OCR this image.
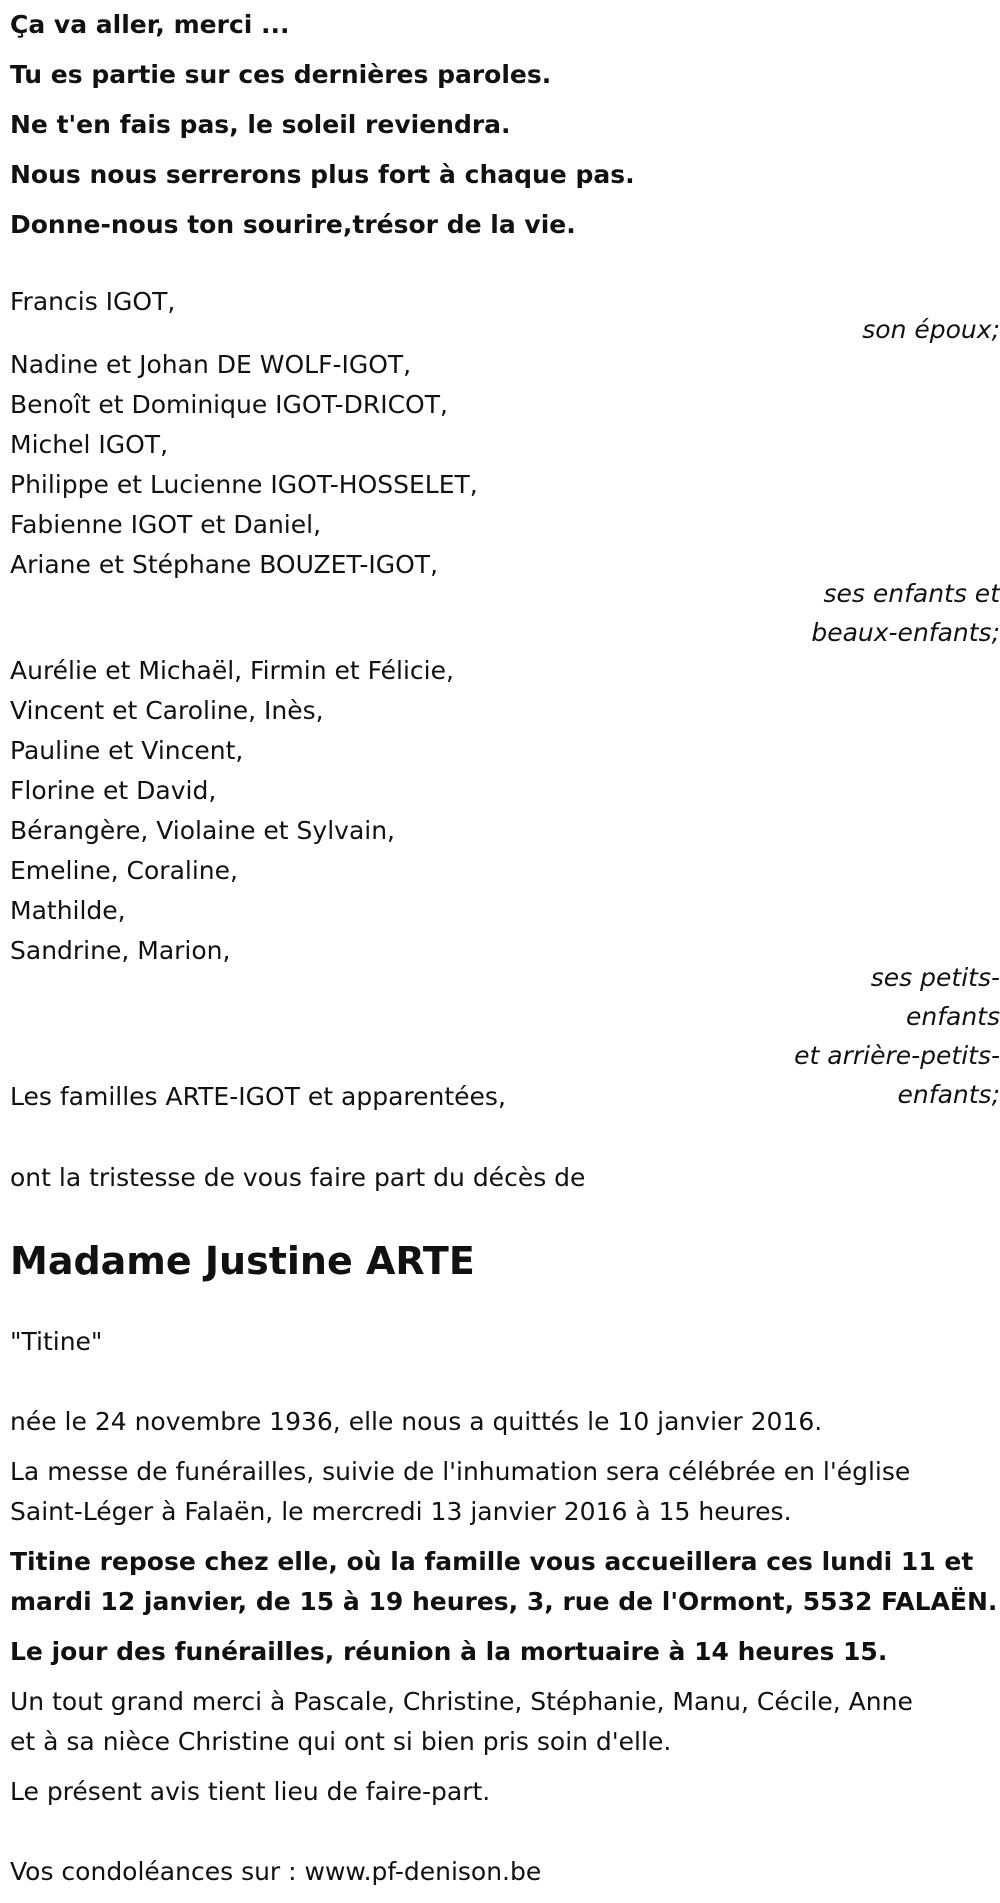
Ça va aller, merci ...
Tu es partie sur ces dernières paroles.
Ne t'en fais pas, le soleil reviendra.
Nous nous serrerons plus fort à chaque pas.
Donne-nous ton sourire,trésor de la vie.
Francis IGOT,
son époux;
Nadine et Johan DE WOLF-IGOT,
Benoît et Dominique IGOT-DRICOT,
Michel IGOT,
Philippe et Lucienne IGOT-HOSSELET,
Fabienne IGOT et Daniel,
Ariane et Stéphane BOUZET-IGOT,
ses enfants et
beaux-enfants;
Aurélie et Michaël, Firmin et Félicie,
Vincent et Caroline, Inès,
Pauline et Vincent,
Florine et David,
Bérangère, Violaine et Sylvain,
Emeline, Coraline,
Mathilde,
Sandrine, Marion,
ses petits-enfants
et arrière-petits-
enfants;
Les familles ARTE-IGOT et apparentées,
ont la tristesse de vous faire part du décès de
Madame Justine ARTE
"Titine"
née le 24 novembre 1936, elle nous a quittés le 10 janvier 2016.
La messe de funérailles, suivie de l'inhumation sera célébrée en l'église
Saint-Léger à Falaën, le mercredi 13 janvier 2016 à 15 heures.
Titine repose chez elle, où la famille vous accueillera ces lundi 11 et
mardi 12 janvier, de 15 à 19 heures, 3, rue de l'Ormont, 5532 FALAËN.
Le jour des funérailles, réunion à la mortuaire à 14 heures 15.
Un tout grand merci à Pascale, Christine, Stéphanie, Manu, Cécile, Anne
et à sa nièce Christine qui ont si bien pris soin d'elle.
Le présent avis tient lieu de faire-part.
Vos condoléances sur : www.pf-denison.be
